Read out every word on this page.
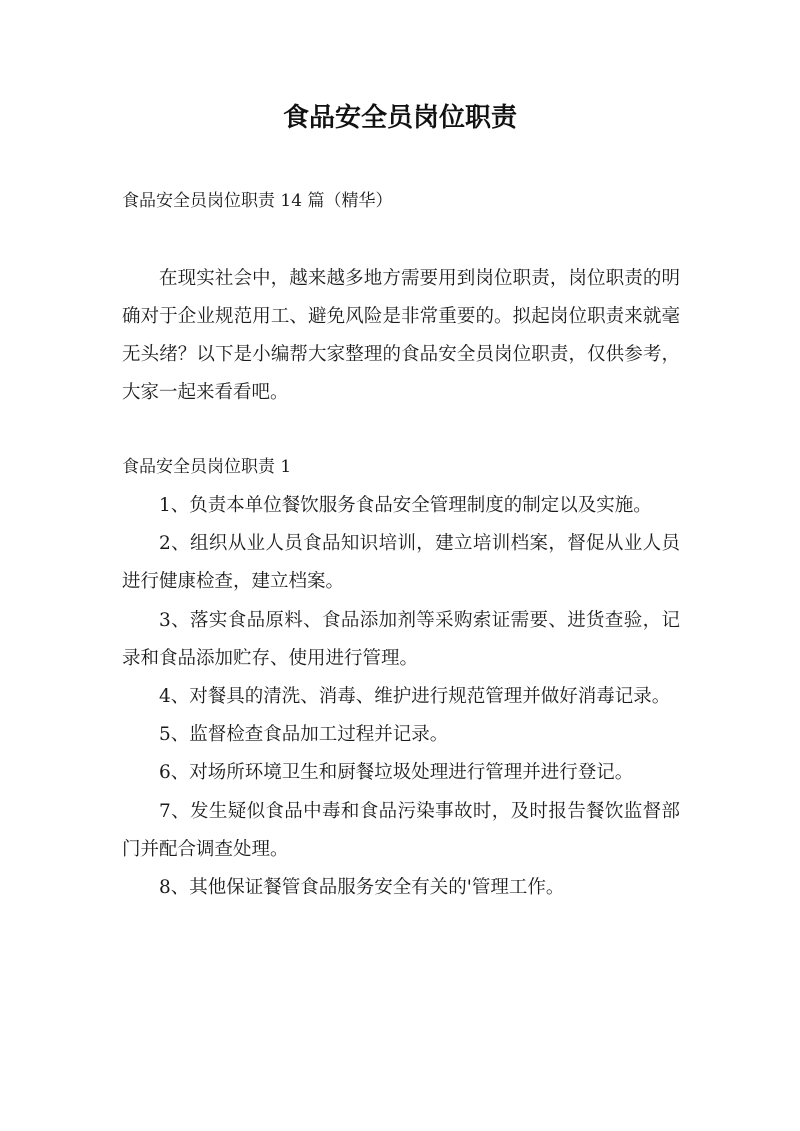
食品安全员岗位职责

食品安全员岗位职责 14 篇（精华）

在现实社会中，越来越多地方需要用到岗位职责，岗位职责的明确对于企业规范用工、避免风险是非常重要的。拟起岗位职责来就毫无头绪？以下是小编帮大家整理的食品安全员岗位职责，仅供参考，大家一起来看看吧。

食品安全员岗位职责 1

1、负责本单位餐饮服务食品安全管理制度的制定以及实施。
2、组织从业人员食品知识培训，建立培训档案，督促从业人员进行健康检查，建立档案。
3、落实食品原料、食品添加剂等采购索证需要、进货查验，记录和食品添加贮存、使用进行管理。
4、对餐具的清洗、消毒、维护进行规范管理并做好消毒记录。
5、监督检查食品加工过程并记录。
6、对场所环境卫生和厨餐垃圾处理进行管理并进行登记。
7、发生疑似食品中毒和食品污染事故时，及时报告餐饮监督部门并配合调查处理。
8、其他保证餐管食品服务安全有关的'管理工作。
